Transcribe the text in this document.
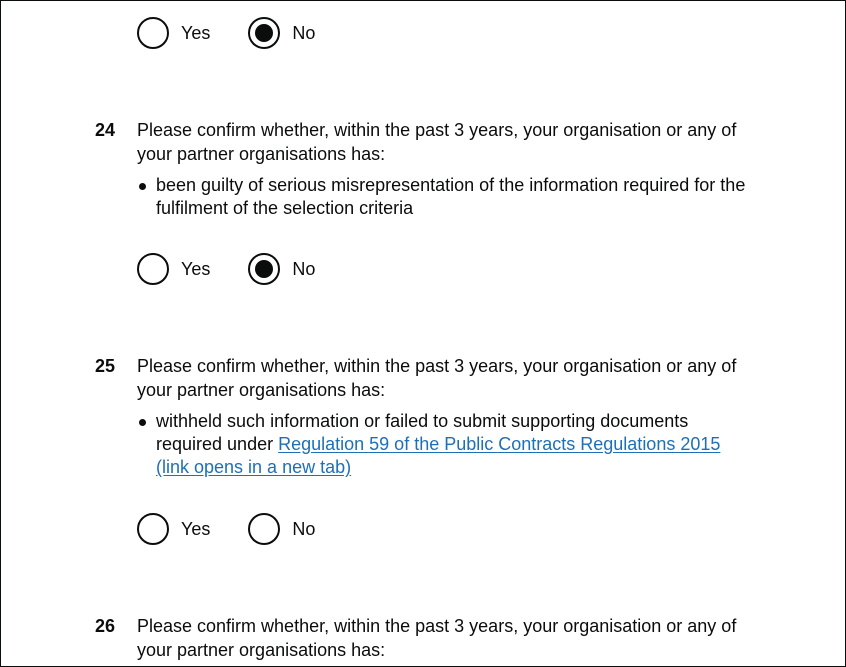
Yes	No
24 Please confirm whether, within the past 3 years, your organisation or any of your partner organisations has:
been guilty of serious misrepresentation of the information required for the fulfilment of the selection criteria
Yes	No
25 Please confirm whether, within the past 3 years, your organisation or any of your partner organisations has:
withheld such information or failed to submit supporting documents required under Regulation 59 of the Public Contracts Regulations 2015 (link opens in a new tab)
Yes	No
26 Please confirm whether, within the past 3 years, your organisation or any of your partner organisations has:
